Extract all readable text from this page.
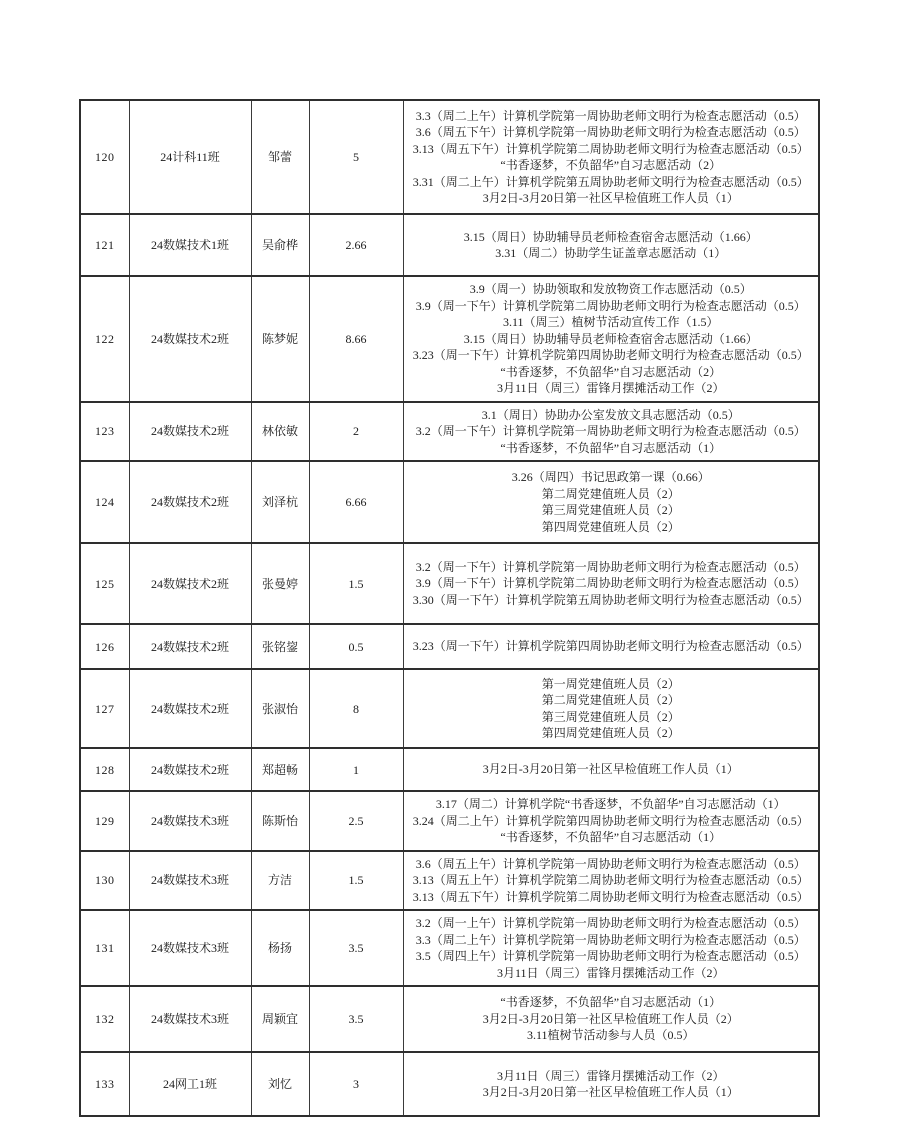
120	24计科11班	邹蕾	5	
3.3（周二上午）计算机学院第一周协助老师文明行为检查志愿活动（0.5）
3.6（周五下午）计算机学院第一周协助老师文明行为检查志愿活动（0.5）
3.13（周五下午）计算机学院第二周协助老师文明行为检查志愿活动（0.5）
“书香逐梦，不负韶华”自习志愿活动（2）
3.31（周二上午）计算机学院第五周协助老师文明行为检查志愿活动（0.5）
3月2日-3月20日第一社区早检值班工作人员（1）

121	24数媒技术1班	吴俞桦	2.66	3.15（周日）协助辅导员老师检查宿舍志愿活动（1.66）
3.31（周二）协助学生证盖章志愿活动（1）

122	24数媒技术2班	陈梦妮	8.66	
3.9（周一）协助领取和发放物资工作志愿活动（0.5）
3.9（周一下午）计算机学院第二周协助老师文明行为检查志愿活动（0.5）
3.11（周三）植树节活动宣传工作（1.5）
3.15（周日）协助辅导员老师检查宿舍志愿活动（1.66）
3.23（周一下午）计算机学院第四周协助老师文明行为检查志愿活动（0.5）
“书香逐梦，不负韶华”自习志愿活动（2）
3月11日（周三）雷锋月摆摊活动工作（2）

123	24数媒技术2班	林依敏	2	3.1（周日）协助办公室发放文具志愿活动（0.5）
3.2（周一下午）计算机学院第一周协助老师文明行为检查志愿活动（0.5）
“书香逐梦，不负韶华”自习志愿活动（1）

124	24数媒技术2班	刘泽杭	6.66	3.26（周四）书记思政第一课（0.66）
第二周党建值班人员（2）
第三周党建值班人员（2）
第四周党建值班人员（2）

125	24数媒技术2班	张曼婷	1.5	3.2（周一下午）计算机学院第一周协助老师文明行为检查志愿活动（0.5）
3.9（周一下午）计算机学院第二周协助老师文明行为检查志愿活动（0.5）
3.30（周一下午）计算机学院第五周协助老师文明行为检查志愿活动（0.5）

126	24数媒技术2班	张铭鋆	0.5	3.23（周一下午）计算机学院第四周协助老师文明行为检查志愿活动（0.5）

127	24数媒技术2班	张淑怡	8	第一周党建值班人员（2）
第二周党建值班人员（2）
第三周党建值班人员（2）
第四周党建值班人员（2）

128	24数媒技术2班	郑超畅	1	3月2日-3月20日第一社区早检值班工作人员（1）

129	24数媒技术3班	陈斯怡	2.5	3.17（周二）计算机学院“书香逐梦，不负韶华”自习志愿活动（1）
3.24（周二上午）计算机学院第四周协助老师文明行为检查志愿活动（0.5）
“书香逐梦，不负韶华”自习志愿活动（1）

130	24数媒技术3班	方洁	1.5	3.6（周五上午）计算机学院第一周协助老师文明行为检查志愿活动（0.5）
3.13（周五上午）计算机学院第二周协助老师文明行为检查志愿活动（0.5）
3.13（周五下午）计算机学院第二周协助老师文明行为检查志愿活动（0.5）

131	24数媒技术3班	杨扬	3.5	3.2（周一上午）计算机学院第一周协助老师文明行为检查志愿活动（0.5）
3.3（周二上午）计算机学院第一周协助老师文明行为检查志愿活动（0.5）
3.5（周四上午）计算机学院第一周协助老师文明行为检查志愿活动（0.5）
3月11日（周三）雷锋月摆摊活动工作（2）

132	24数媒技术3班	周颖宜	3.5	“书香逐梦，不负韶华”自习志愿活动（1）
3月2日-3月20日第一社区早检值班工作人员（2）
3.11植树节活动参与人员（0.5）

133	24网工1班	刘忆	3	3月11日（周三）雷锋月摆摊活动工作（2）
3月2日-3月20日第一社区早检值班工作人员（1）
